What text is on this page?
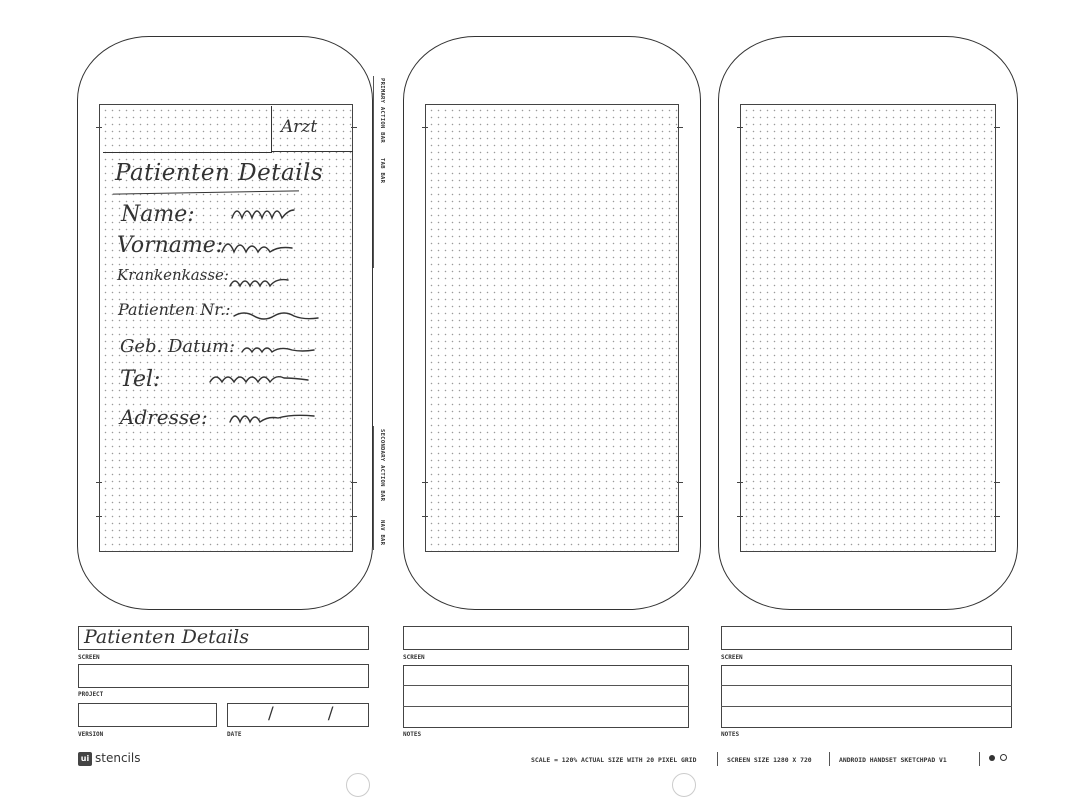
Arzt
Patienten Details
Name:
Vorname:
Krankenkasse:
Patienten Nr.:
Geb. Datum:
Tel:
Adresse:
PRIMARY ACTION BAR
TAB BAR
SECONDARY ACTION BAR
NAV BAR
Patienten Details
SCREEN
PROJECT
VERSION
/          /
DATE
SCREEN
NOTES
SCREEN
NOTES
ui stencils	SCALE = 120% ACTUAL SIZE WITH 20 PIXEL GRID	SCREEN SIZE 1280 X 720	ANDROID HANDSET SKETCHPAD V1
